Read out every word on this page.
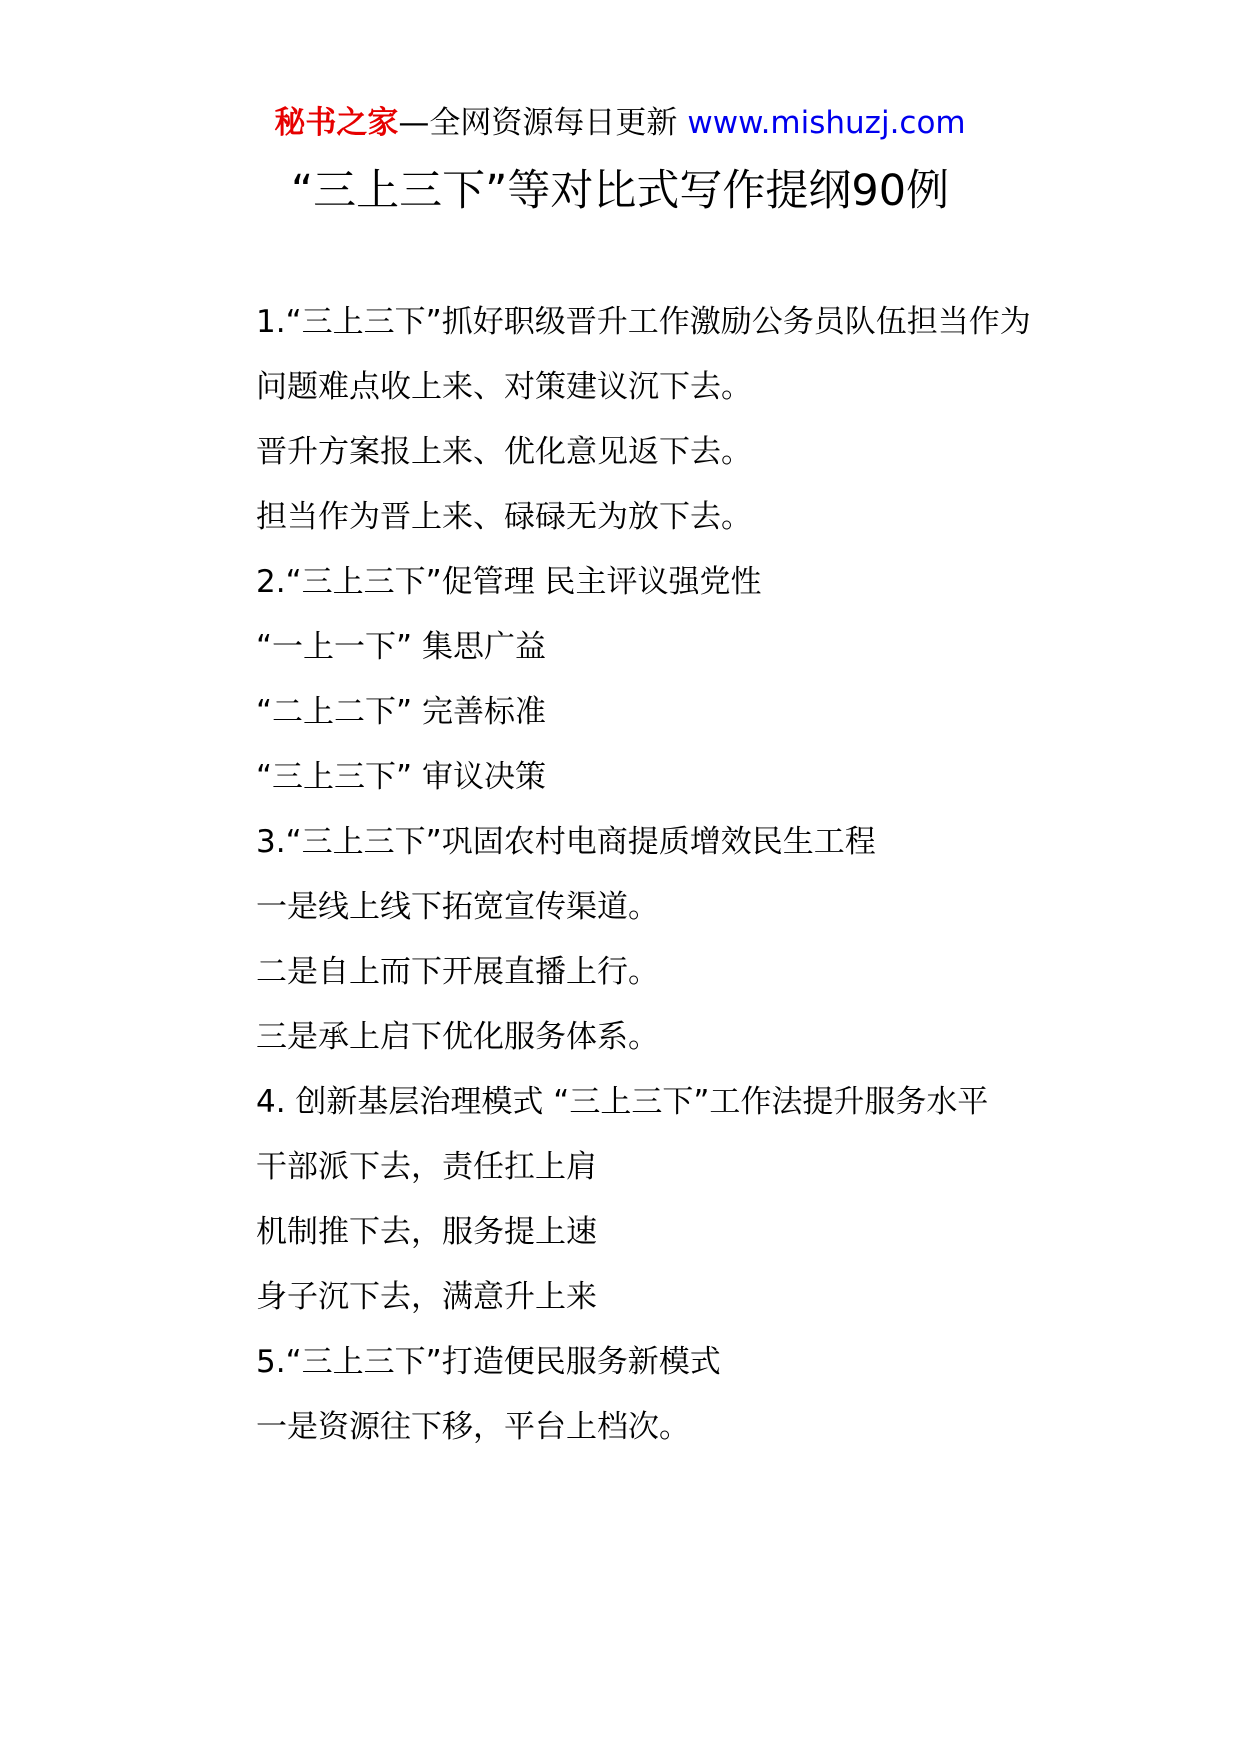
秘书之家—全网资源每日更新 www.mishuzj.com
“三上三下”等对比式写作提纲90例

1.“三上三下”抓好职级晋升工作激励公务员队伍担当作为

问题难点收上来、对策建议沉下去。

晋升方案报上来、优化意见返下去。

担当作为晋上来、碌碌无为放下去。

2.“三上三下”促管理 民主评议强党性

“一上一下” 集思广益

“二上二下” 完善标准

“三上三下” 审议决策

3.“三上三下”巩固农村电商提质增效民生工程

一是线上线下拓宽宣传渠道。

二是自上而下开展直播上行。

三是承上启下优化服务体系。

4. 创新基层治理模式 “三上三下”工作法提升服务水平

干部派下去，责任扛上肩

机制推下去，服务提上速

身子沉下去，满意升上来

5.“三上三下”打造便民服务新模式

一是资源往下移，平台上档次。
